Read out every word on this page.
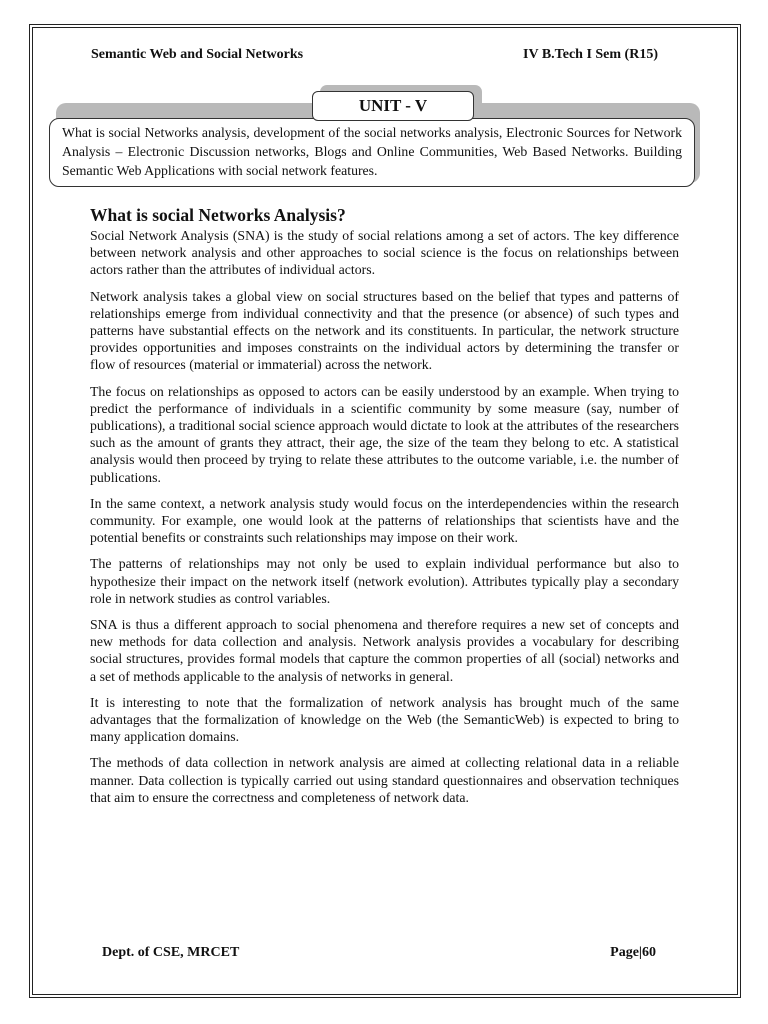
Semantic Web and Social Networks	IV B.Tech I Sem (R15)

What is social Networks analysis, development of the social networks analysis, Electronic Sources for Network Analysis – Electronic Discussion networks, Blogs and Online Communities, Web Based Networks. Building Semantic Web Applications with social network features.

UNIT - V
What is social Networks Analysis?

Social Network Analysis (SNA) is the study of social relations among a set of actors. The key difference between network analysis and other approaches to social science is the focus on relationships between actors rather than the attributes of individual actors.

Network analysis takes a global view on social structures based on the belief that types and patterns of relationships emerge from individual connectivity and that the presence (or absence) of such types and patterns have substantial effects on the network and its constituents. In particular, the network structure provides opportunities and imposes constraints on the individual actors by determining the transfer or flow of resources (material or immaterial) across the network.

The focus on relationships as opposed to actors can be easily understood by an example. When trying to predict the performance of individuals in a scientific community by some measure (say, number of publications), a traditional social science approach would dictate to look at the attributes of the researchers such as the amount of grants they attract, their age, the size of the team they belong to etc. A statistical analysis would then proceed by trying to relate these attributes to the outcome variable, i.e. the number of publications.

In the same context, a network analysis study would focus on the interdependencies within the research community. For example, one would look at the patterns of relationships that scientists have and the potential benefits or constraints such relationships may impose on their work.

The patterns of relationships may not only be used to explain individual performance but also to hypothesize their impact on the network itself (network evolution). Attributes typically play a secondary role in network studies as control variables.

SNA is thus a different approach to social phenomena and therefore requires a new set of concepts and new methods for data collection and analysis. Network analysis provides a vocabulary for describing social structures, provides formal models that capture the common properties of all (social) networks and a set of methods applicable to the analysis of networks in general.

It is interesting to note that the formalization of network analysis has brought much of the same advantages that the formalization of knowledge on the Web (the SemanticWeb) is expected to bring to many application domains.

The methods of data collection in network analysis are aimed at collecting relational data in a reliable manner. Data collection is typically carried out using standard questionnaires and observation techniques that aim to ensure the correctness and completeness of network data.

Dept. of CSE, MRCET	Page|60
